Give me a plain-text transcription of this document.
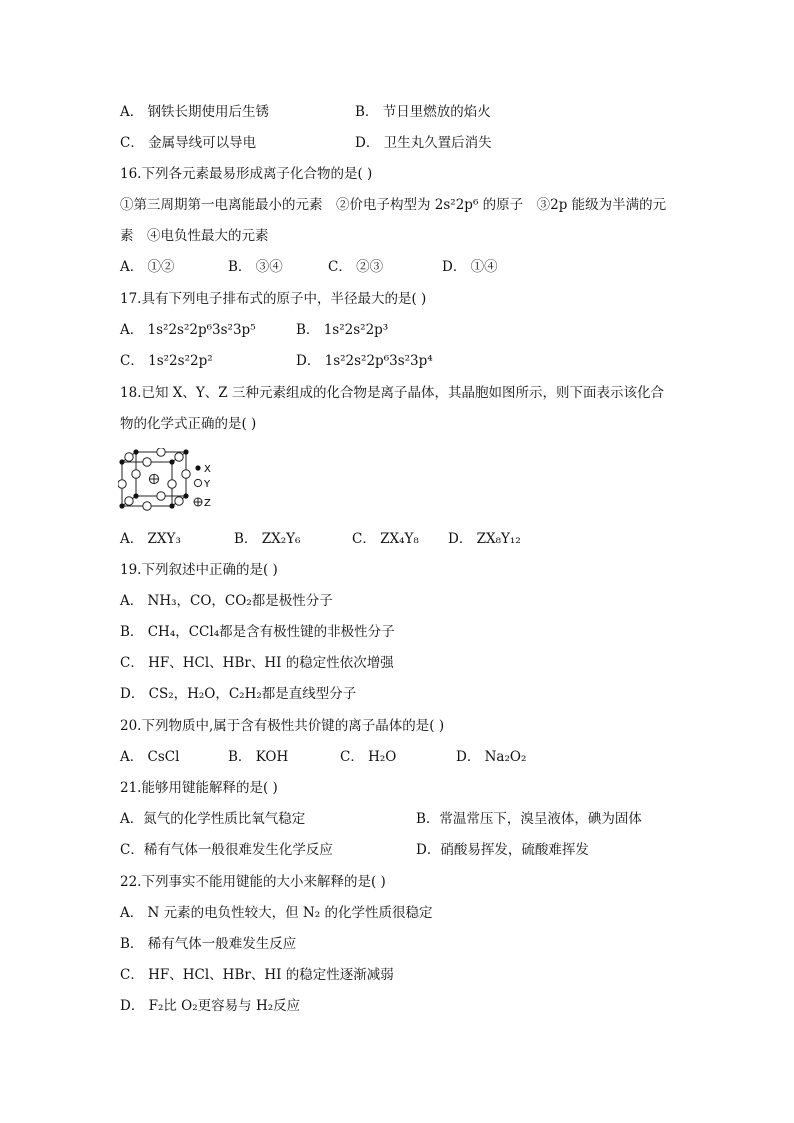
A． 钢铁长期使用后生锈	B． 节日里燃放的焰火
C． 金属导线可以导电	D． 卫生丸久置后消失
16.下列各元素最易形成离子化合物的是( )
①第三周期第一电离能最小的元素　②价电子构型为 2s²2p⁶ 的原子　③2p 能级为半满的元
素　④电负性最大的元素
A． ①②	B． ③④	C． ②③	D． ①④
17.具有下列电子排布式的原子中，半径最大的是( )
A． 1s²2s²2p⁶3s²3p⁵	B． 1s²2s²2p³
C． 1s²2s²2p²	D． 1s²2s²2p⁶3s²3p⁴
18.已知 X、Y、Z 三种元素组成的化合物是离子晶体，其晶胞如图所示，则下面表示该化合
物的化学式正确的是( )
X
Y
Z
A． ZXY₃	B． ZX₂Y₆	C． ZX₄Y₈ D． ZX₈Y₁₂
19.下列叙述中正确的是( )
A． NH₃，CO，CO₂都是极性分子
B． CH₄，CCl₄都是含有极性键的非极性分子
C． HF、HCl、HBr、HI 的稳定性依次增强
D． CS₂，H₂O，C₂H₂都是直线型分子
20.下列物质中,属于含有极性共价键的离子晶体的是( )
A． CsCl	B． KOH	C． H₂O	D． Na₂O₂
21.能够用键能解释的是( )
A．氮气的化学性质比氧气稳定	B．常温常压下，溴呈液体，碘为固体
C．稀有气体一般很难发生化学反应	D．硝酸易挥发，硫酸难挥发
22.下列事实不能用键能的大小来解释的是( )
A． N 元素的电负性较大，但 N₂ 的化学性质很稳定
B． 稀有气体一般难发生反应
C． HF、HCl、HBr、HI 的稳定性逐渐减弱
D． F₂比 O₂更容易与 H₂反应
